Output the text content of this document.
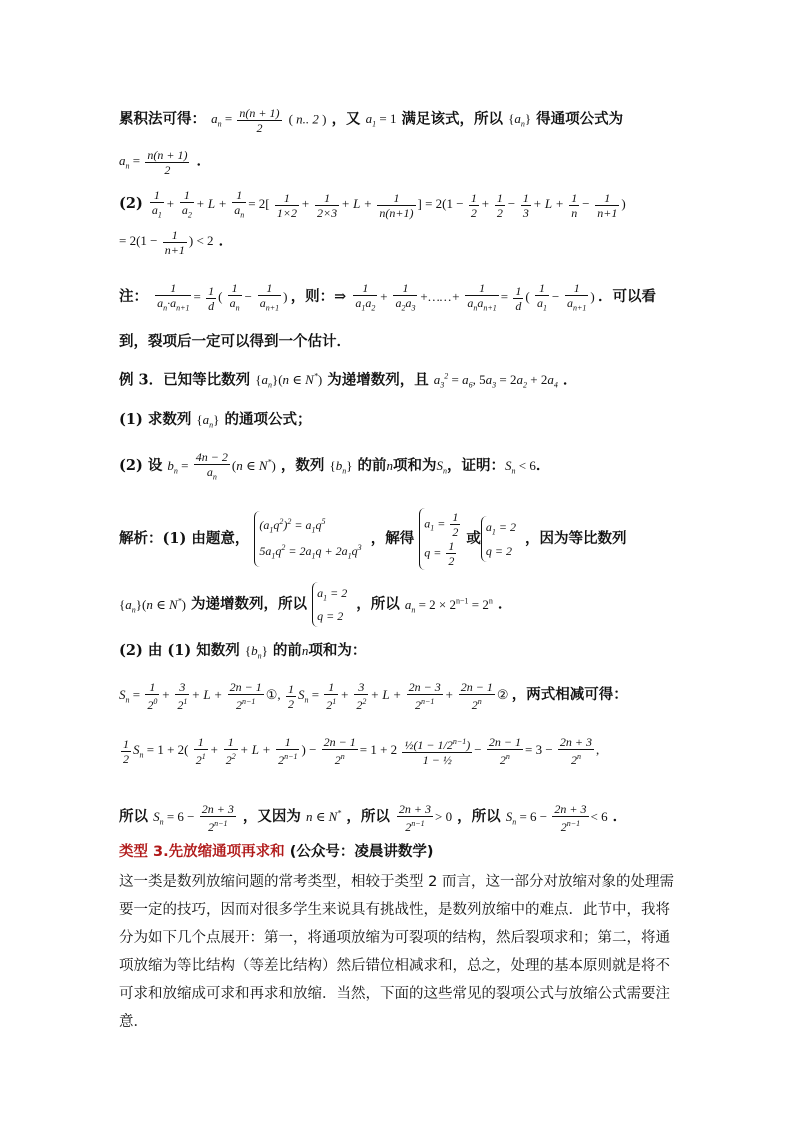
累积法可得： $a_n = \frac{n(n + 1)}{2}$ ( n.. 2 ) ，又 $a_1 = 1$ 满足该式，所以 $\{a_n\}$ 得通项公式为
$a_n = \frac{n(n + 1)}{2}$ ．
$(2) \frac{1}{a_1} + \frac{1}{a_2} + L + \frac{1}{a_n} = 2[ \frac{1}{1\times 2} + \frac{1}{2\times 3} + L + \frac{1}{n(n+1)}$ ] = $2(1 - \frac{1}{2} + \frac{1}{2} - \frac{1}{3} + L + \frac{1}{n} - \frac{1}{n+1}$ )
= $2(1 - \frac{1}{n+1}$ ) < 2 ．
注： $\frac{1}{a_n\cdot a_{n+1}} = \frac{1}{d}$ ( $\frac{1}{a_n} - \frac{1}{a_{n+1}}$ ) ，则：⇒ $\frac{1}{a_1a_2} + \frac{1}{a_2a_3}$ +……+
1
$a_na_{n+1}$
= $\frac{1}{d}$ ( $\frac{1}{a_1} - \frac{1}{a_{n+1}}$ ) ．可以看
到，裂项后一定可以得到一个估计．
例 3．已知等比数列 $\{a_n\}(n$ ∈ N*) 为递增数列，且 $a_3^2 = a_6$, $5a_3 = 2a_2 + 2a_4$ ．
(1) 求数列 $\{a_n\}$ 的通项公式；
(2) 设 $b_n = \frac{4n - 2}{a_n} (n$ ∈ N*) ，数列 $\{b_n\}$ 的前n项和为$S_n$，证明：$S_n < 6$．
解析：(1) 由题意，
$(a_1q^2)^2 = a_1q^5$
$5a_1q^2 = 2a_1q + 2a_1q^3$
，解得
$a_1 = \frac{1}{2}$
$q = \frac{1}{2}$
或
$a_1 = 2$
q = 2
，因为等比数列
$\{a_n\}(n$ ∈ N*) 为递增数列，所以
$a_1 = 2$
q = 2
，所以 $a_n = 2 \times 2^{n-1} = 2^n$ ．
(2) 由 (1) 知数列 $\{b_n\}$ 的前n项和为：
$S_n = \frac{1}{2^0} + \frac{3}{2^1} + L + \frac{2n - 1}{2^{n-1}}$ ①, $\frac{1}{2} S_n = \frac{1}{2^1} + \frac{3}{2^2} + L + \frac{2n - 3}{2^{n-1}} + \frac{2n - 1}{2^n}$ ② ，两式相减可得：
$\frac{1}{2} S_n = 1 + 2( \frac{1}{2^1} + \frac{1}{2^2} + L + \frac{1}{2^{n-1}}$ ) − $\frac{2n - 1}{2^n} = 1 + 2 \frac{\frac{1}{2}(1 - 1/2^{n-1})}{\text{1 − ½}} - \frac{2n - 1}{2^n} = 3 - \frac{2n + 3}{2^n}$ ,
所以 $S_n = 6 - \frac{2n + 3}{2^{n-1}}$ ，又因为 n ∈ N* ，所以 $\frac{2n + 3}{2^{n-1}} > 0$ ，所以 $S_n = 6 - \frac{2n + 3}{2^{n-1}} < 6$ ．
类型 3.先放缩通项再求和 (公众号：凌晨讲数学)
这一类是数列放缩问题的常考类型，相较于类型 2 而言，这一部分对放缩对象的处理需要一定的技巧，因而对很多学生来说具有挑战性，是数列放缩中的难点．此节中，我将分为如下几个点展开：第一，将通项放缩为可裂项的结构，然后裂项求和；第二，将通项放缩为等比结构（等差比结构）然后错位相减求和，总之，处理的基本原则就是将不可求和放缩成可求和再求和放缩．当然，下面的这些常见的裂项公式与放缩公式需要注意．
